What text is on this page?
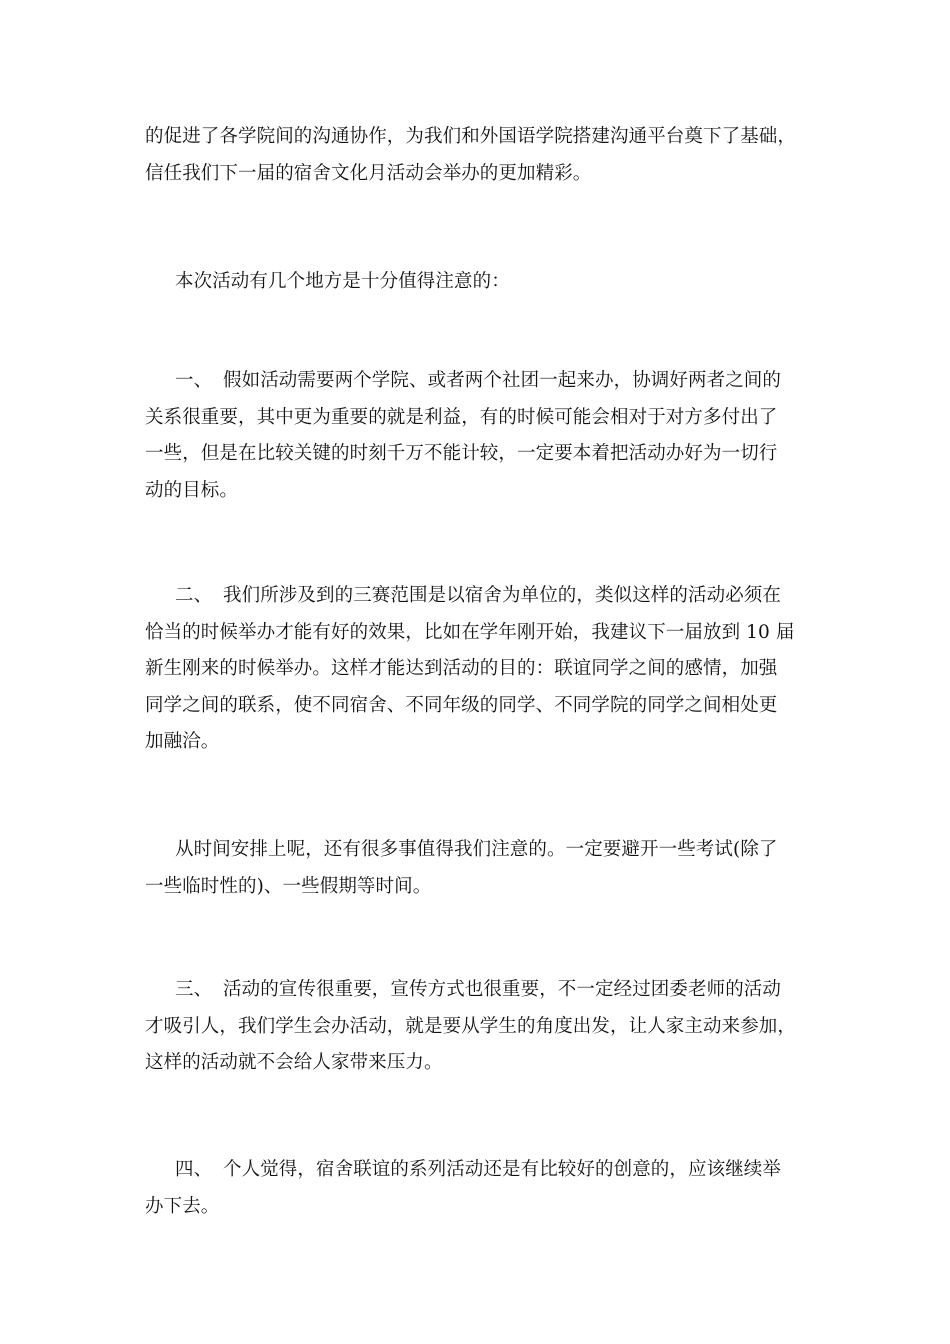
的促进了各学院间的沟通协作，为我们和外国语学院搭建沟通平台奠下了基础，
信任我们下一届的宿舍文化月活动会举办的更加精彩。

本次活动有几个地方是十分值得注意的：

一、 假如活动需要两个学院、或者两个社团一起来办，协调好两者之间的
关系很重要，其中更为重要的就是利益，有的时候可能会相对于对方多付出了
一些，但是在比较关键的时刻千万不能计较，一定要本着把活动办好为一切行
动的目标。

二、 我们所涉及到的三赛范围是以宿舍为单位的，类似这样的活动必须在
恰当的时候举办才能有好的效果，比如在学年刚开始，我建议下一届放到 10 届
新生刚来的时候举办。这样才能达到活动的目的：联谊同学之间的感情，加强
同学之间的联系，使不同宿舍、不同年级的同学、不同学院的同学之间相处更
加融洽。

从时间安排上呢，还有很多事值得我们注意的。一定要避开一些考试(除了
一些临时性的)、一些假期等时间。

三、 活动的宣传很重要，宣传方式也很重要，不一定经过团委老师的活动
才吸引人，我们学生会办活动，就是要从学生的角度出发，让人家主动来参加，
这样的活动就不会给人家带来压力。

四、 个人觉得，宿舍联谊的系列活动还是有比较好的创意的，应该继续举
办下去。
